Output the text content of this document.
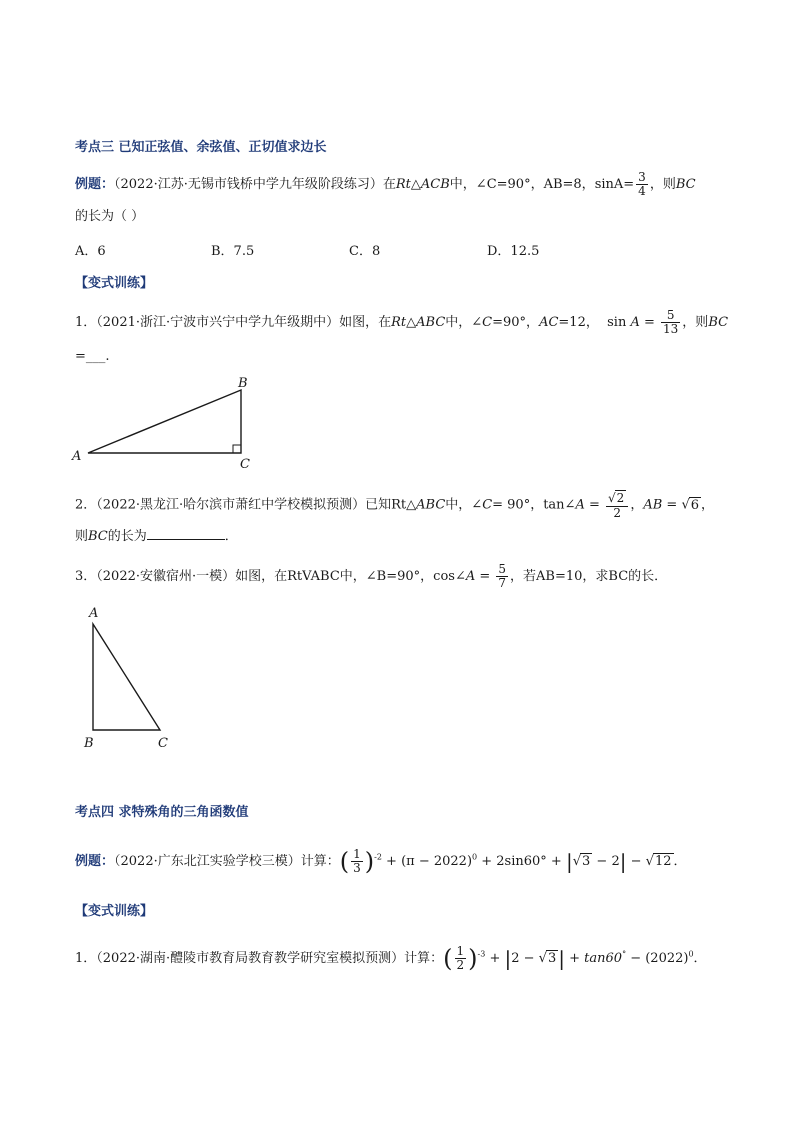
考点三 已知正弦值、余弦值、正切值求边长
例题：（2022·江苏·无锡市钱桥中学九年级阶段练习）在Rt△ACB中，∠C=90°，AB=8，$\sin A= \frac{3}{4}$ ，则BC
的长为（ ）
A．6	B．7.5	C．8	D．12.5
【变式训练】
1．（2021·浙江·宁波市兴宁中学九年级期中）如图，在Rt△ABC中，∠C=90°，AC=12， $\sin A = \frac{5}{13}$ ，则BC
=___.
A
B
C
2．（2022·黑龙江·哈尔滨市萧红中学校模拟预测）已知Rt△ABC中，∠C= 90°，tan∠A = $\frac{√2}{2}$ ，AB = √6 ，
则BC的长为	．
3．（2022·安徽宿州·一模）如图，在RtVABC中，∠B=90°，cos∠A = $\frac{5}{7}$ ，若AB=10，求BC的长．
A
B	C
考点四 求特殊角的三角函数值
例题：（2022·广东北江实验学校三模）计算：( $\frac{1}{3} )^{-2} + (\pi - 2022)^0 + 2\sin 60^\circ + |√3 - 2| - √12$ ．
【变式训练】
1．（2022·湖南·醴陵市教育局教育教学研究室模拟预测）计算：( $\frac{1}{2} )^{-3} + |2 - √3$ | + $\tan 60^\circ - (2022)^0$．
